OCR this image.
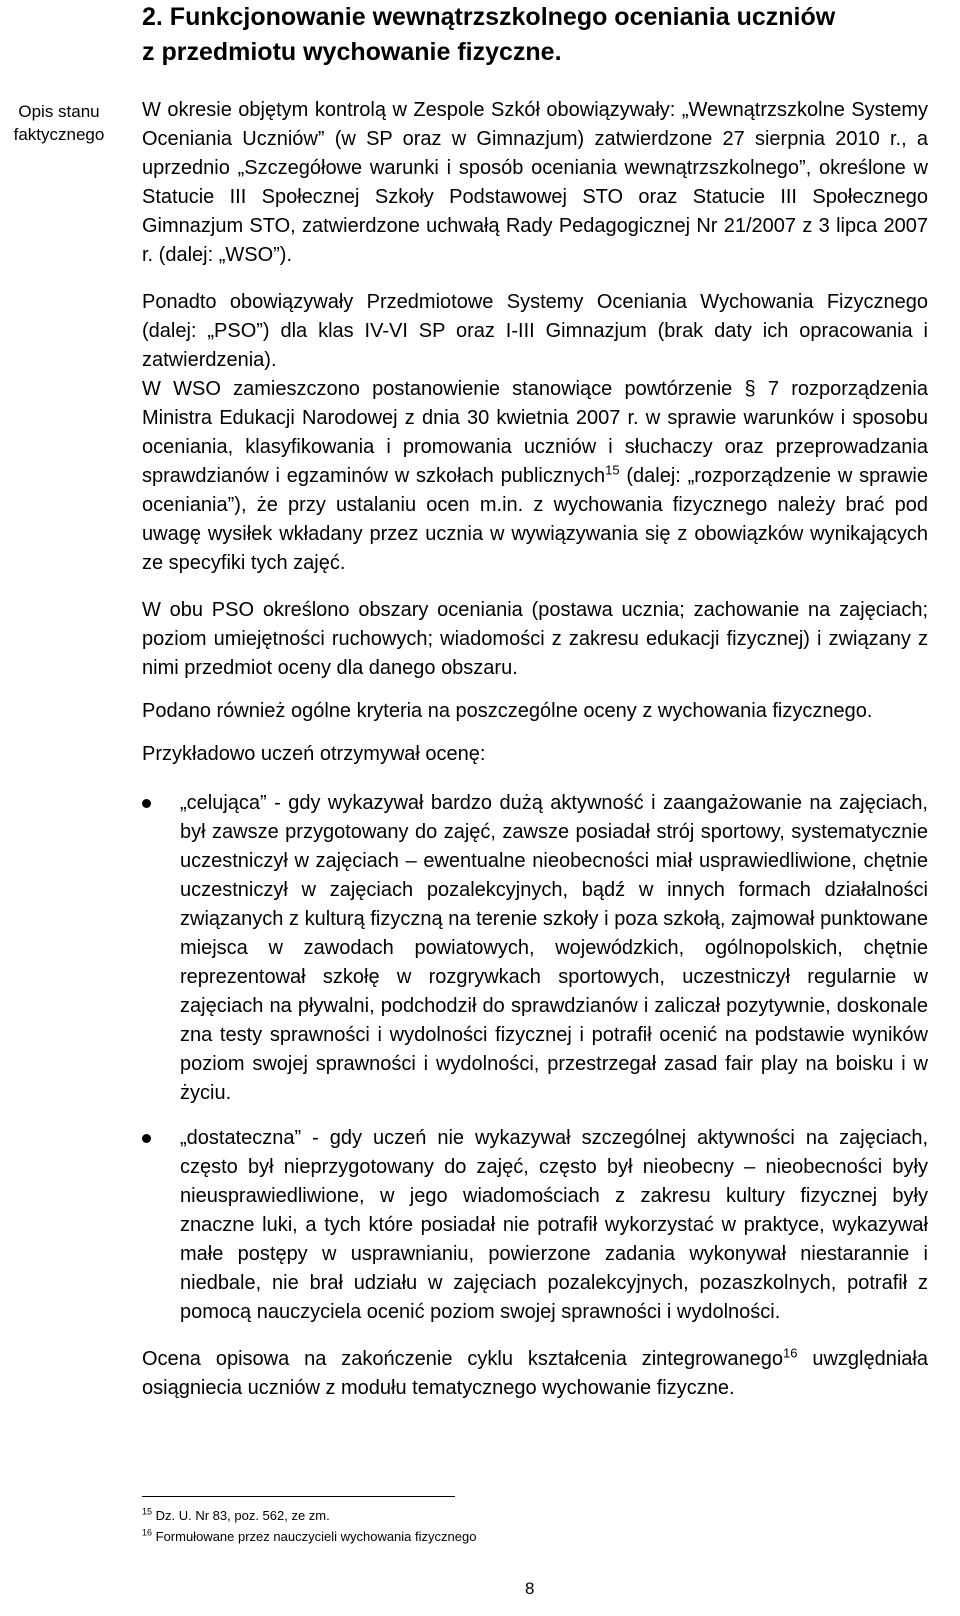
2. Funkcjonowanie wewnątrzszkolnego oceniania uczniów
z przedmiotu wychowanie fizyczne.
Opis stanu
faktycznego

W okresie objętym kontrolą w Zespole Szkół obowiązywały: „Wewnątrzszkolne Systemy Oceniania Uczniów” (w SP oraz w Gimnazjum) zatwierdzone 27 sierpnia 2010 r., a uprzednio „Szczegółowe warunki i sposób oceniania wewnątrzszkolnego”, określone w Statucie III Społecznej Szkoły Podstawowej STO oraz Statucie III Społecznego Gimnazjum STO, zatwierdzone uchwałą Rady Pedagogicznej Nr 21/2007 z 3 lipca 2007 r. (dalej: „WSO”).

Ponadto obowiązywały Przedmiotowe Systemy Oceniania Wychowania Fizycznego (dalej: „PSO”) dla klas IV-VI SP oraz I-III Gimnazjum (brak daty ich opracowania i zatwierdzenia).

W WSO zamieszczono postanowienie stanowiące powtórzenie § 7 rozporządzenia Ministra Edukacji Narodowej z dnia 30 kwietnia 2007 r. w sprawie warunków i sposobu oceniania, klasyfikowania i promowania uczniów i słuchaczy oraz przeprowadzania sprawdzianów i egzaminów w szkołach publicznych$^{15}$ (dalej: „rozporządzenie w sprawie oceniania”), że przy ustalaniu ocen m.in. z wychowania fizycznego należy brać pod uwagę wysiłek wkładany przez ucznia w wywiązywania się z obowiązków wynikających ze specyfiki tych zajęć.

W obu PSO określono obszary oceniania (postawa ucznia; zachowanie na zajęciach; poziom umiejętności ruchowych; wiadomości z zakresu edukacji fizycznej) i związany z nimi przedmiot oceny dla danego obszaru.

Podano również ogólne kryteria na poszczególne oceny z wychowania fizycznego.

Przykładowo uczeń otrzymywał ocenę:

„celująca” - gdy wykazywał bardzo dużą aktywność i zaangażowanie na zajęciach, był zawsze przygotowany do zajęć, zawsze posiadał strój sportowy, systematycznie uczestniczył w zajęciach – ewentualne nieobecności miał usprawiedliwione, chętnie uczestniczył w zajęciach pozalekcyjnych, bądź w innych formach działalności związanych z kulturą fizyczną na terenie szkoły i poza szkołą, zajmował punktowane miejsca w zawodach powiatowych, wojewódzkich, ogólnopolskich, chętnie reprezentował szkołę w rozgrywkach sportowych, uczestniczył regularnie w zajęciach na pływalni, podchodził do sprawdzianów i zaliczał pozytywnie, doskonale zna testy sprawności i wydolności fizycznej i potrafił ocenić na podstawie wyników poziom swojej sprawności i wydolności, przestrzegał zasad fair play na boisku i w życiu.
„dostateczna” - gdy uczeń nie wykazywał szczególnej aktywności na zajęciach, często był nieprzygotowany do zajęć, często był nieobecny – nieobecności były nieusprawiedliwione, w jego wiadomościach z zakresu kultury fizycznej były znaczne luki, a tych które posiadał nie potrafił wykorzystać w praktyce, wykazywał małe postępy w usprawnianiu, powierzone zadania wykonywał niestarannie i niedbale, nie brał udziału w zajęciach pozalekcyjnych, pozaszkolnych, potrafił z pomocą nauczyciela ocenić poziom swojej sprawności i wydolności.

Ocena opisowa na zakończenie cyklu kształcenia zintegrowanego$^{16}$ uwzględniała osiągniecia uczniów z modułu tematycznego wychowanie fizyczne.

$^{15}$ Dz. U. Nr 83, poz. 562, ze zm.
$^{16}$ Formułowane przez nauczycieli wychowania fizycznego
8
